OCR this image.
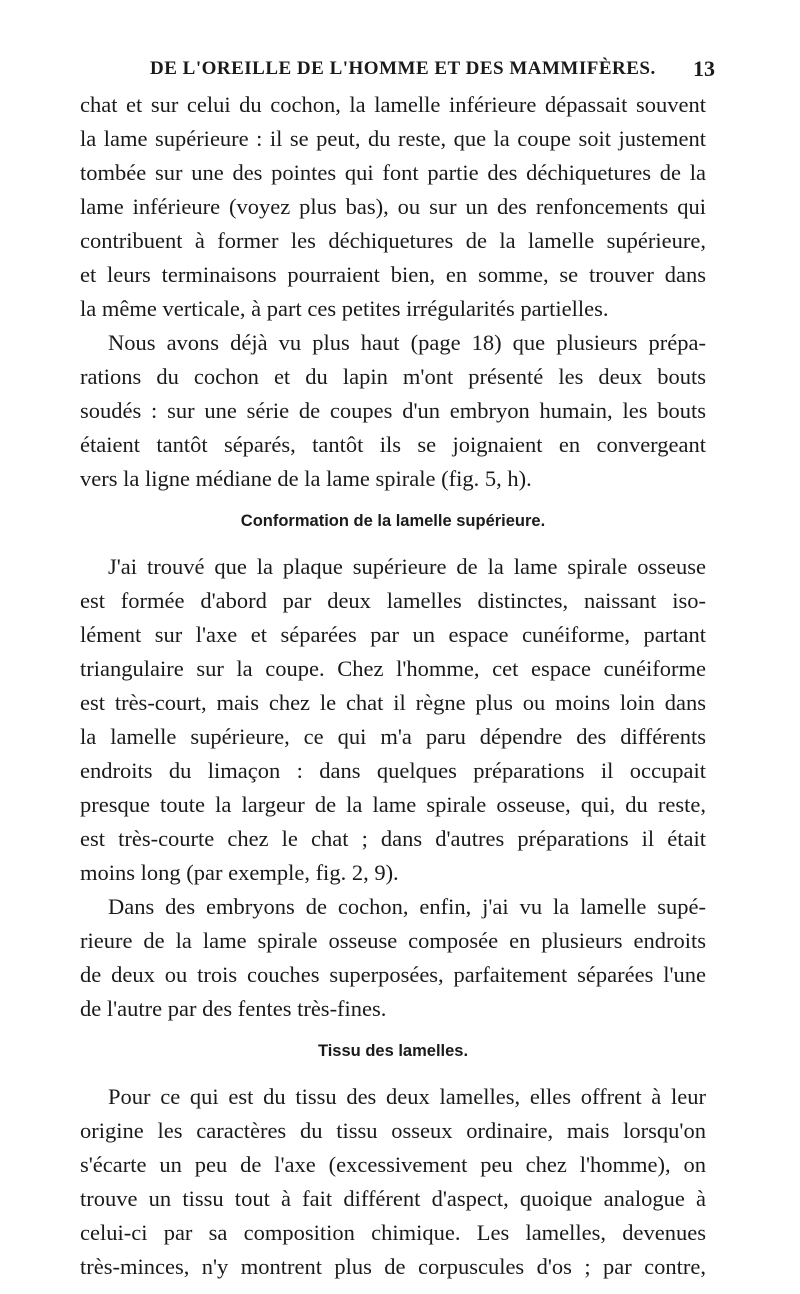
DE L'OREILLE DE L'HOMME ET DES MAMMIFÈRES. 13
chat et sur celui du cochon, la lamelle inférieure dépassait souvent
la lame supérieure : il se peut, du reste, que la coupe soit justement
tombée sur une des pointes qui font partie des déchiquetures de la
lame inférieure (voyez plus bas), ou sur un des renfoncements qui
contribuent à former les déchiquetures de la lamelle supérieure,
et leurs terminaisons pourraient bien, en somme, se trouver dans
la même verticale, à part ces petites irrégularités partielles.
Nous avons déjà vu plus haut (page 18) que plusieurs prépa-
rations du cochon et du lapin m'ont présenté les deux bouts
soudés : sur une série de coupes d'un embryon humain, les bouts
étaient tantôt séparés, tantôt ils se joignaient en convergeant
vers la ligne médiane de la lame spirale (fig. 5, h).
Conformation de la lamelle supérieure.
J'ai trouvé que la plaque supérieure de la lame spirale osseuse
est formée d'abord par deux lamelles distinctes, naissant iso-
lément sur l'axe et séparées par un espace cunéiforme, partant
triangulaire sur la coupe. Chez l'homme, cet espace cunéiforme
est très-court, mais chez le chat il règne plus ou moins loin dans
la lamelle supérieure, ce qui m'a paru dépendre des différents
endroits du limaçon : dans quelques préparations il occupait
presque toute la largeur de la lame spirale osseuse, qui, du reste,
est très-courte chez le chat ; dans d'autres préparations il était
moins long (par exemple, fig. 2, 9).
Dans des embryons de cochon, enfin, j'ai vu la lamelle supé-
rieure de la lame spirale osseuse composée en plusieurs endroits
de deux ou trois couches superposées, parfaitement séparées l'une
de l'autre par des fentes très-fines.
Tissu des lamelles.
Pour ce qui est du tissu des deux lamelles, elles offrent à leur
origine les caractères du tissu osseux ordinaire, mais lorsqu'on
s'écarte un peu de l'axe (excessivement peu chez l'homme), on
trouve un tissu tout à fait différent d'aspect, quoique analogue à
celui-ci par sa composition chimique. Les lamelles, devenues
très-minces, n'y montrent plus de corpuscules d'os ; par contre,
